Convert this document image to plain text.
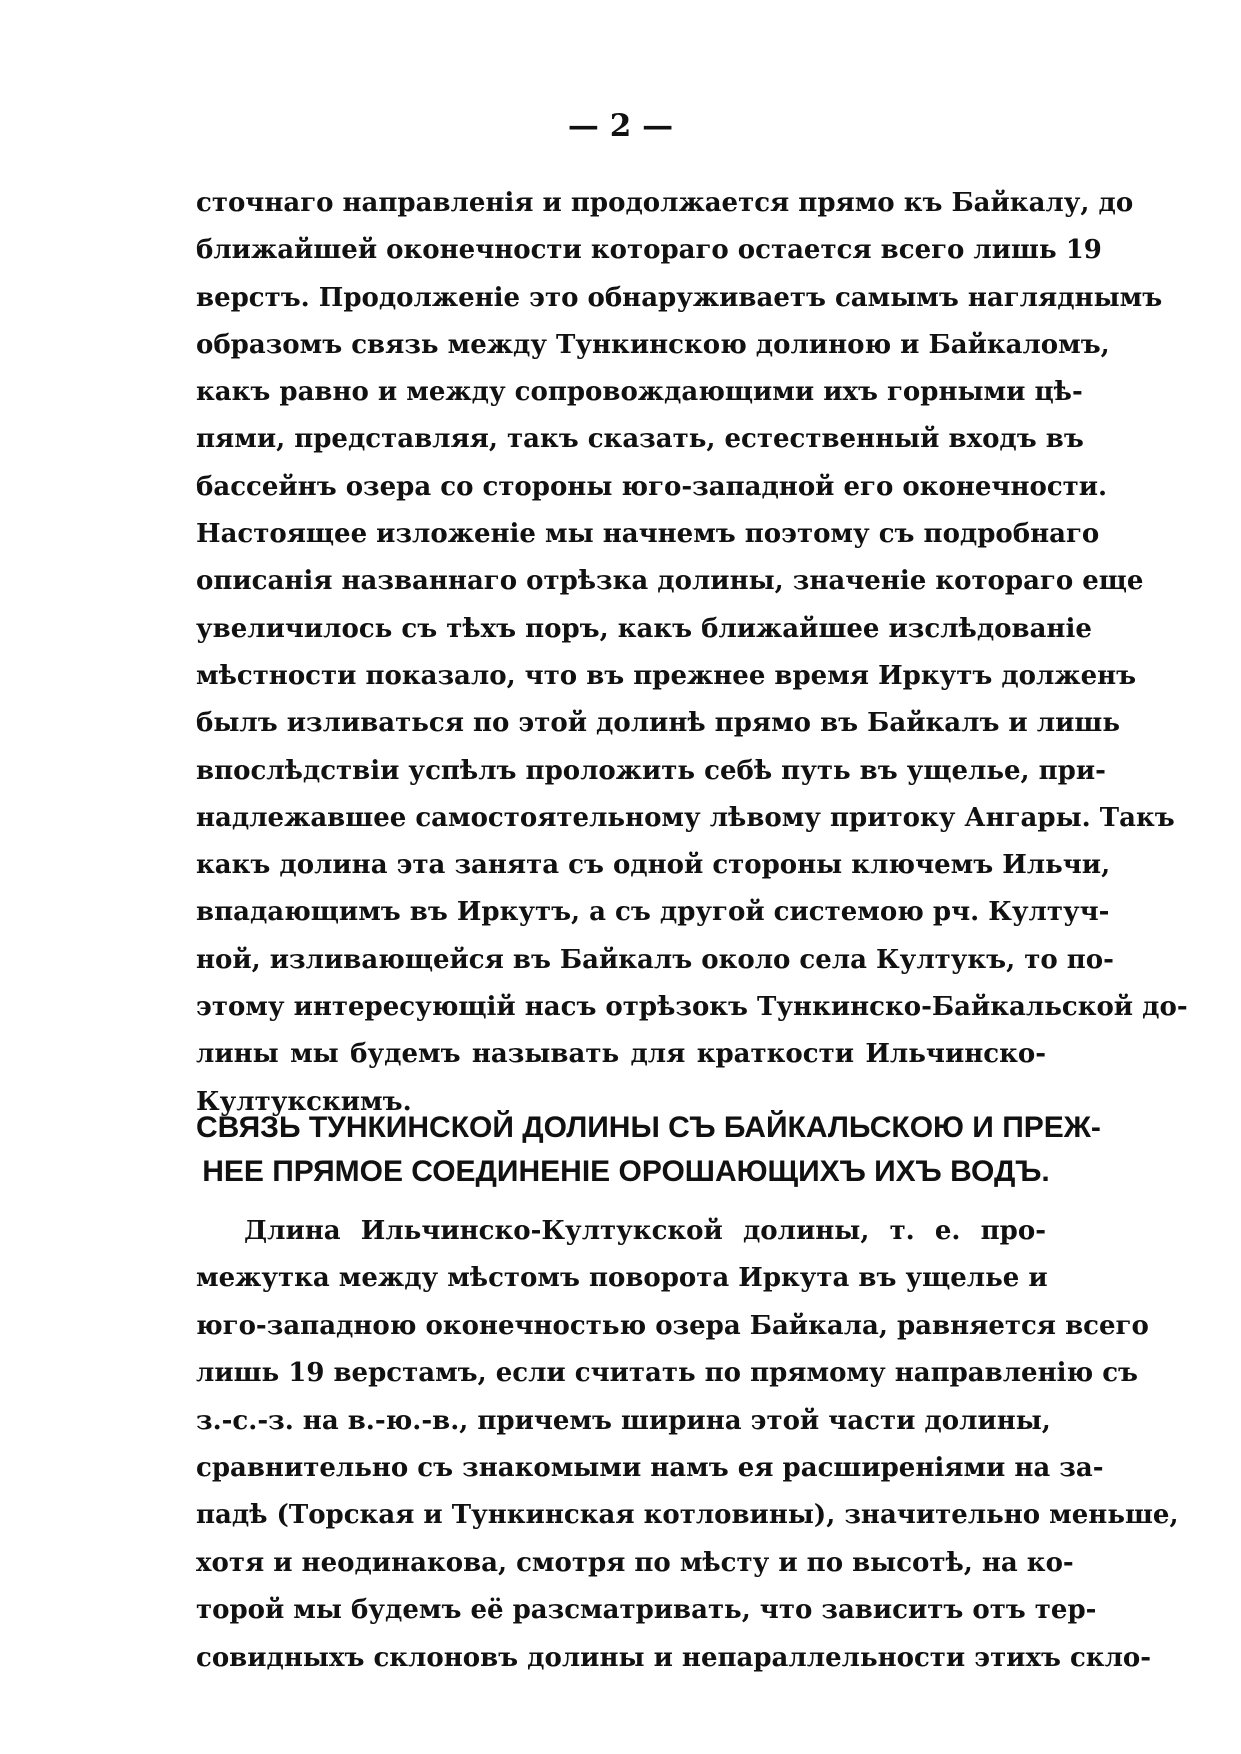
— 2 —
сточнаго направленія и продолжается прямо къ Байкалу, до
ближайшей оконечности котораго остается всего лишь 19
верстъ. Продолженіе это обнаруживаетъ самымъ нагляднымъ
образомъ связь между Тункинскою долиною и Байкаломъ,
какъ равно и между сопровождающими ихъ горными цѣ-
пями, представляя, такъ сказать, естественный входъ въ
бассейнъ озера со стороны юго-западной его оконечности.
Настоящее изложеніе мы начнемъ поэтому съ подробнаго
описанія названнаго отрѣзка долины, значеніе котораго еще
увеличилось съ тѣхъ поръ, какъ ближайшее изслѣдованіе
мѣстности показало, что въ прежнее время Иркутъ долженъ
былъ изливаться по этой долинѣ прямо въ Байкалъ и лишь
впослѣдствіи успѣлъ проложить себѣ путь въ ущелье, при-
надлежавшее самостоятельному лѣвому притоку Ангары. Такъ
какъ долина эта занята съ одной стороны ключемъ Ильчи,
впадающимъ въ Иркутъ, а съ другой системою рч. Култуч-
ной, изливающейся въ Байкалъ около села Култукъ, то по-
этому интересующій насъ отрѣзокъ Тункинско-Байкальской до-
лины мы будемъ называть для краткости Ильчинско-
Култукскимъ.
СВЯЗЬ ТУНКИНСКОЙ ДОЛИНЫ СЪ БАЙКАЛЬСКОЮ И ПРЕЖ-
НЕЕ ПРЯМОЕ СОЕДИНЕНІЕ ОРОШАЮЩИХЪ ИХЪ ВОДЪ.
Длина Ильчинско-Култукской долины, т. е. про-
межутка между мѣстомъ поворота Иркута въ ущелье и
юго-западною оконечностью озера Байкала, равняется всего
лишь 19 верстамъ, если считать по прямому направленію съ
з.-с.-з. на в.-ю.-в., причемъ ширина этой части долины,
сравнительно съ знакомыми намъ ея расширеніями на за-
падѣ (Торская и Тункинская котловины), значительно меньше,
хотя и неодинакова, смотря по мѣсту и по высотѣ, на ко-
торой мы будемъ её разсматривать, что зависитъ отъ тер-
совидныхъ склоновъ долины и непараллельности этихъ скло-
